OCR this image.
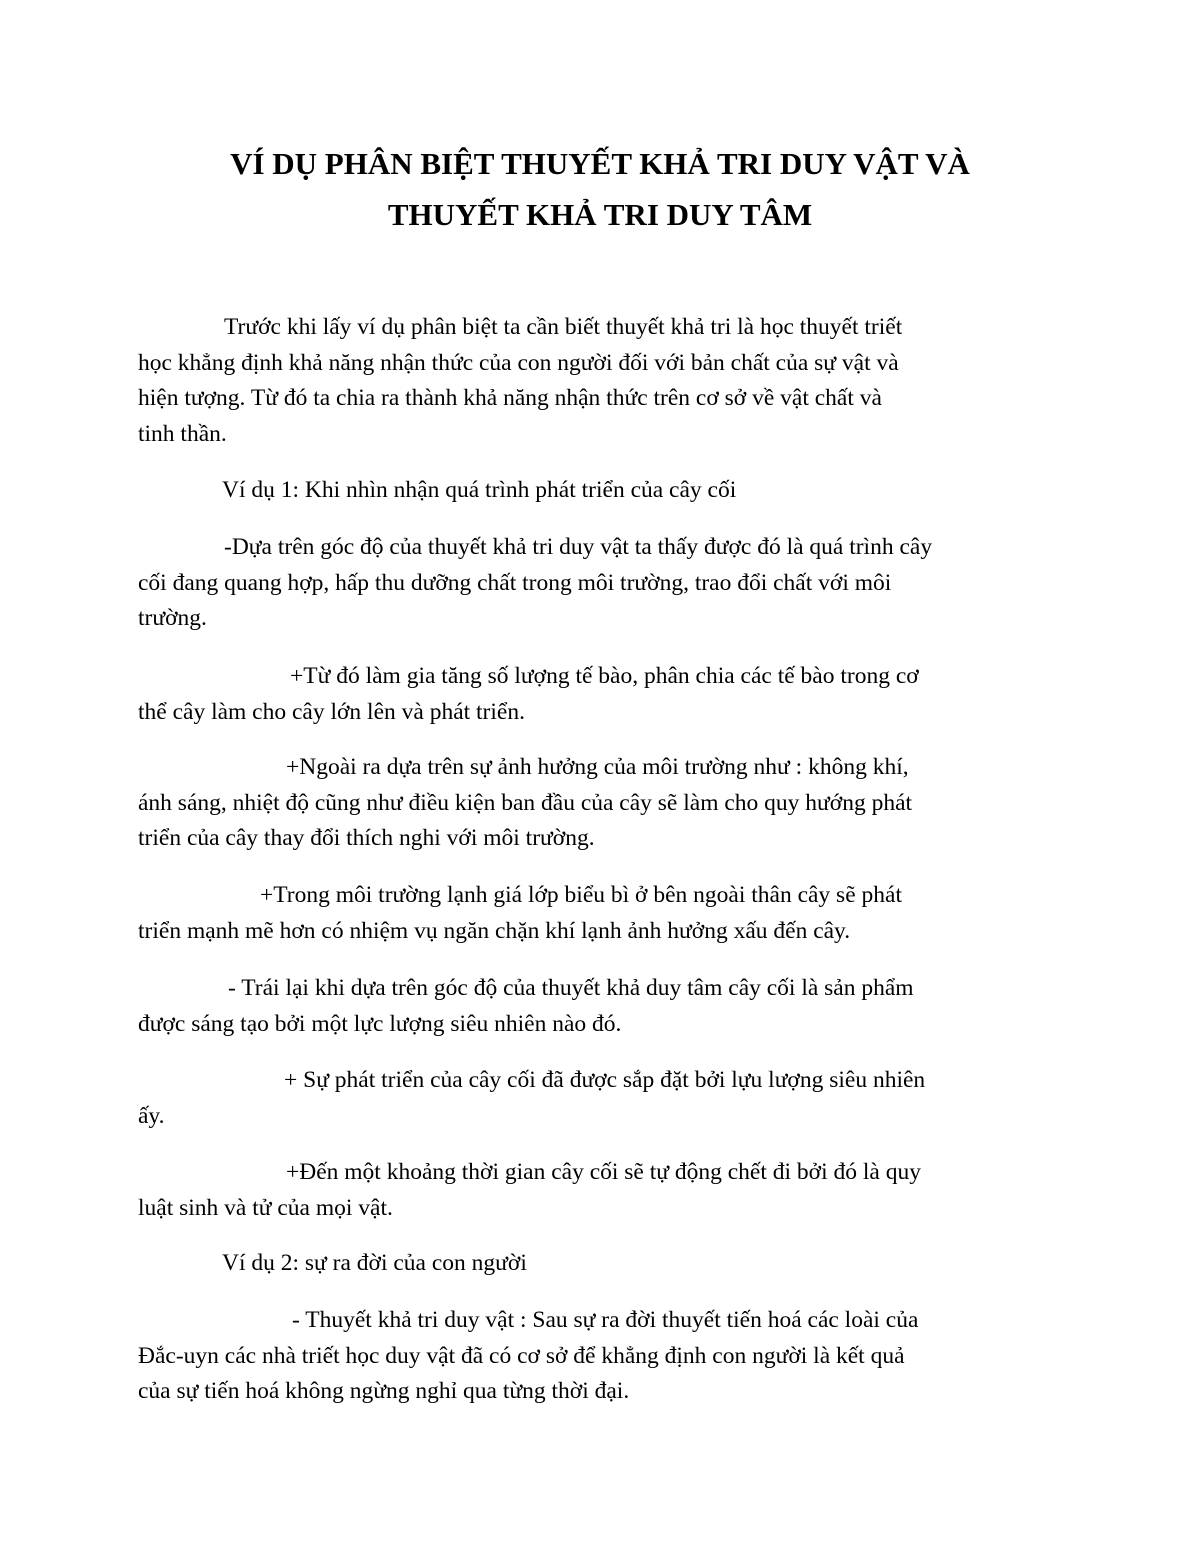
VÍ DỤ PHÂN BIỆT THUYẾT KHẢ TRI DUY VẬT VÀ
THUYẾT KHẢ TRI DUY TÂM

Trước khi lấy ví dụ phân biệt ta cần biết thuyết khả tri là học thuyết triết
học khẳng định khả năng nhận thức của con người đối với bản chất của sự vật và
hiện tượng. Từ đó ta chia ra thành khả năng nhận thức trên cơ sở về vật chất và
tinh thần.

Ví dụ 1: Khi nhìn nhận quá trình phát triển của cây cối

-Dựa trên góc độ của thuyết khả tri duy vật ta thấy được đó là quá trình cây
cối đang quang hợp, hấp thu dưỡng chất trong môi trường, trao đổi chất với môi
trường.

+Từ đó làm gia tăng số lượng tế bào, phân chia các tế bào trong cơ
thể cây làm cho cây lớn lên và phát triển.

+Ngoài ra dựa trên sự ảnh hưởng của môi trường như : không khí,
ánh sáng, nhiệt độ cũng như điều kiện ban đầu của cây sẽ làm cho quy hướng phát
triển của cây thay đổi thích nghi với môi trường.

+Trong môi trường lạnh giá lớp biểu bì ở bên ngoài thân cây sẽ phát
triển mạnh mẽ hơn có nhiệm vụ ngăn chặn khí lạnh ảnh hưởng xấu đến cây.

- Trái lại khi dựa trên góc độ của thuyết khả duy tâm cây cối là sản phẩm
được sáng tạo bởi một lực lượng siêu nhiên nào đó.

+ Sự phát triển của cây cối đã được sắp đặt bởi lựu lượng siêu nhiên
ấy.

+Đến một khoảng thời gian cây cối sẽ tự động chết đi bởi đó là quy
luật sinh và tử của mọi vật.

Ví dụ 2: sự ra đời của con người

- Thuyết khả tri duy vật : Sau sự ra đời thuyết tiến hoá các loài của
Đắc-uyn các nhà triết học duy vật đã có cơ sở để khẳng định con người là kết quả
của sự tiến hoá không ngừng nghỉ qua từng thời đại.
